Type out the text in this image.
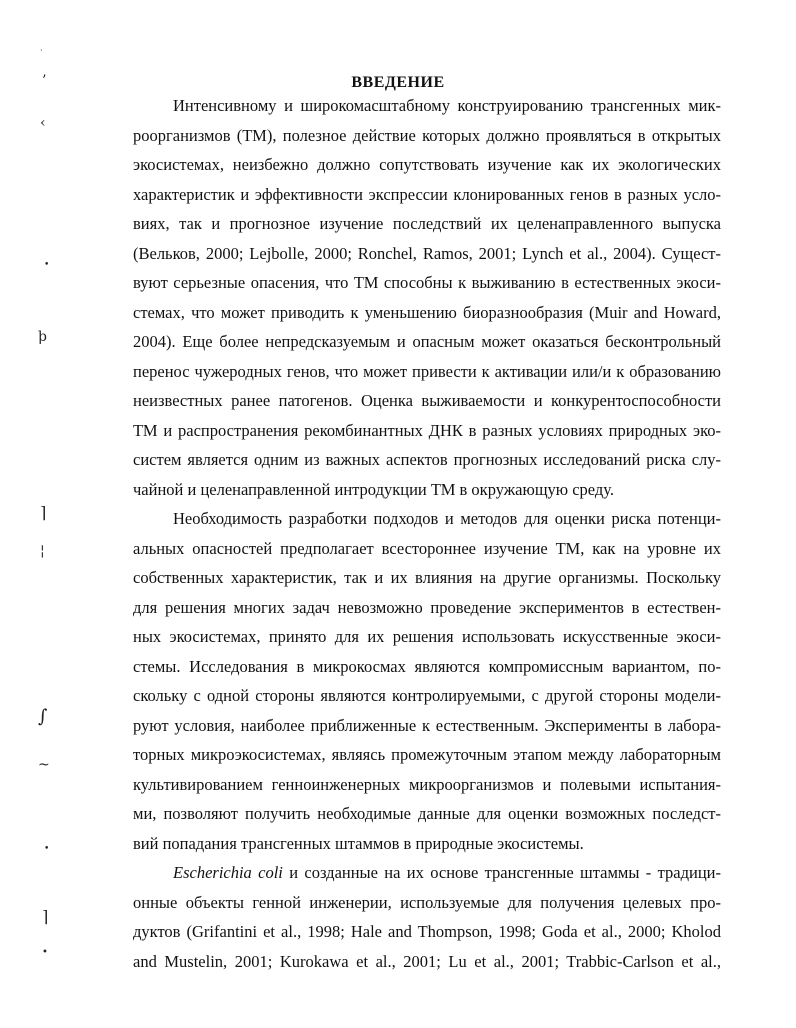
ВВЕДЕНИЕ
Интенсивному и широкомасштабному конструированию трансгенных мик-
роорганизмов (ТМ), полезное действие которых должно проявляться в открытых
экосистемах, неизбежно должно сопутствовать изучение как их экологических
характеристик и эффективности экспрессии клонированных генов в разных усло-
виях, так и прогнозное изучение последствий их целенаправленного выпуска
(Вельков, 2000; Lejbolle, 2000; Ronchel, Ramos, 2001; Lynch et al., 2004). Сущест-
вуют серьезные опасения, что ТМ способны к выживанию в естественных экоси-
стемах, что может приводить к уменьшению биоразнообразия (Muir and Howard,
2004). Еще более непредсказуемым и опасным может оказаться бесконтрольный
перенос чужеродных генов, что может привести к активации или/и к образованию
неизвестных ранее патогенов. Оценка выживаемости и конкурентоспособности
ТМ и распространения рекомбинантных ДНК в разных условиях природных эко-
систем является одним из важных аспектов прогнозных исследований риска слу-
чайной и целенаправленной интродукции ТМ в окружающую среду.
Необходимость разработки подходов и методов для оценки риска потенци-
альных опасностей предполагает всестороннее изучение ТМ, как на уровне их
собственных характеристик, так и их влияния на другие организмы. Поскольку
для решения многих задач невозможно проведение экспериментов в естествен-
ных экосистемах, принято для их решения использовать искусственные экоси-
стемы. Исследования в микрокосмах являются компромиссным вариантом, по-
скольку с одной стороны являются контролируемыми, с другой стороны модели-
руют условия, наиболее приближенные к естественным. Эксперименты в лабора-
торных микроэкосистемах, являясь промежуточным этапом между лабораторным
культивированием генноинженерных микроорганизмов и полевыми испытания-
ми, позволяют получить необходимые данные для оценки возможных последст-
вий попадания трансгенных штаммов в природные экосистемы.
Escherichia coli и созданные на их основе трансгенные штаммы - традици-
онные объекты генной инженерии, используемые для получения целевых про-
дуктов (Grifantini et al., 1998; Hale and Thompson, 1998; Goda et al., 2000; Kholod
and Mustelin, 2001; Kurokawa et al., 2001; Lu et al., 2001; Trabbic-Carlson et al.,
·
’
‹
•
ϸ
⌉
¦
∫
~
•
⌉
•
